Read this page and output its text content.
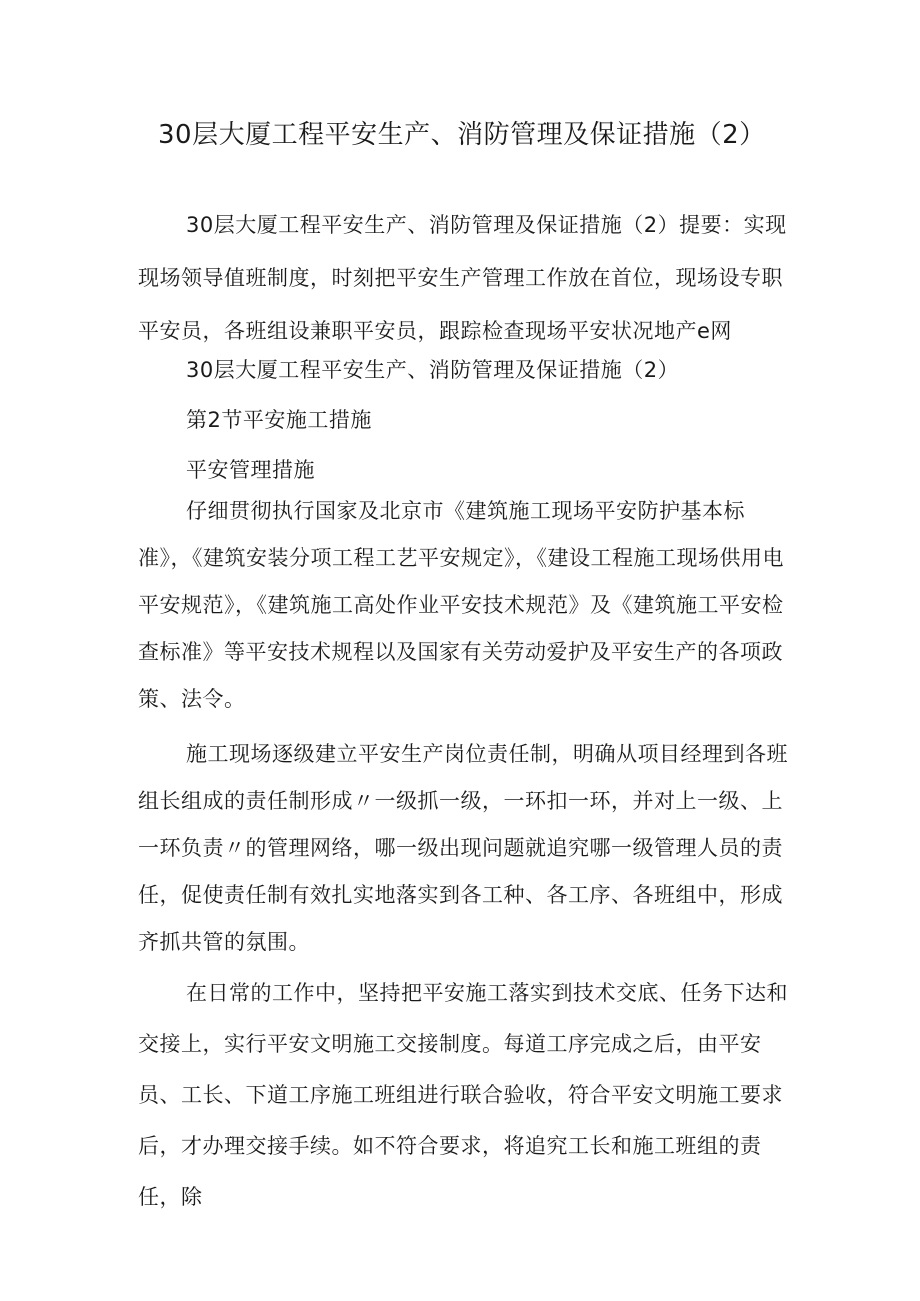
30层大厦工程平安生产、消防管理及保证措施（2）

30层大厦工程平安生产、消防管理及保证措施（2）提要：实现现场领导值班制度，时刻把平安生产管理工作放在首位，现场设专职平安员，各班组设兼职平安员，跟踪检查现场平安状况地产e网

30层大厦工程平安生产、消防管理及保证措施（2）

第2节平安施工措施

平安管理措施

仔细贯彻执行国家及北京市《建筑施工现场平安防护基本标准》，《建筑安装分项工程工艺平安规定》，《建设工程施工现场供用电平安规范》，《建筑施工高处作业平安技术规范》及《建筑施工平安检查标准》等平安技术规程以及国家有关劳动爱护及平安生产的各项政策、法令。

施工现场逐级建立平安生产岗位责任制，明确从项目经理到各班组长组成的责任制形成〃一级抓一级，一环扣一环，并对上一级、上一环负责〃的管理网络，哪一级出现问题就追究哪一级管理人员的责任，促使责任制有效扎实地落实到各工种、各工序、各班组中，形成齐抓共管的氛围。

在日常的工作中，坚持把平安施工落实到技术交底、任务下达和交接上，实行平安文明施工交接制度。每道工序完成之后，由平安员、工长、下道工序施工班组进行联合验收，符合平安文明施工要求后，才办理交接手续。如不符合要求，将追究工长和施工班组的责任，除
